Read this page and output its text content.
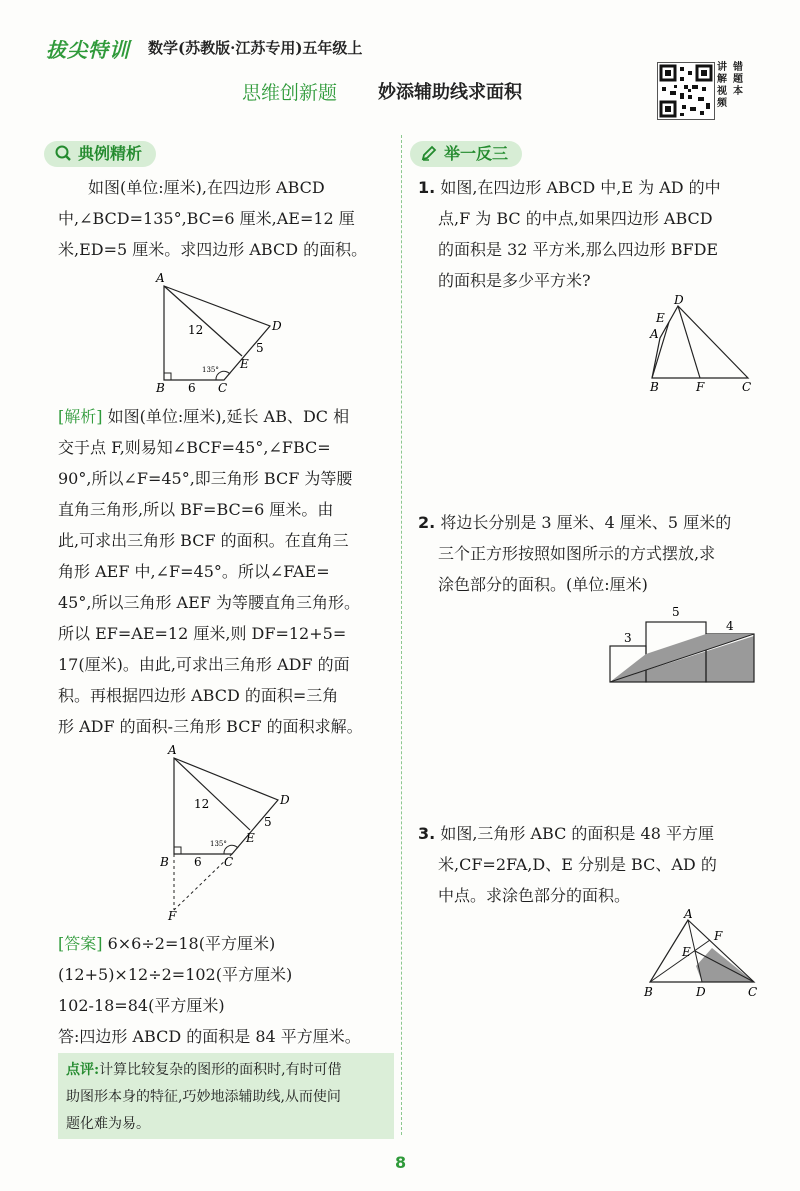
拔尖特训 数学(苏教版·江苏专用)五年级上
思维创新题 妙添辅助线求面积
讲解视频
错题本
典例精析
如图(单位:厘米),在四边形 ABCD
中,∠BCD=135°,BC=6 厘米,AE=12 厘
米,ED=5 厘米。求四边形 ABCD 的面积。
A
B	C
D
E
12
5
6
135°
[解析] 如图(单位:厘米),延长 AB、DC 相
交于点 F,则易知∠BCF=45°,∠FBC=
90°,所以∠F=45°,即三角形 BCF 为等腰
直角三角形,所以 BF=BC=6 厘米。由
此,可求出三角形 BCF 的面积。在直角三
角形 AEF 中,∠F=45°。所以∠FAE=
45°,所以三角形 AEF 为等腰直角三角形。
所以 EF=AE=12 厘米,则 DF=12+5=
17(厘米)。由此,可求出三角形 ADF 的面
积。再根据四边形 ABCD 的面积=三角
形 ADF 的面积-三角形 BCF 的面积求解。
A
B	C
D
E
F
12
5
6
135°
[答案] 6×6÷2=18(平方厘米)
(12+5)×12÷2=102(平方厘米)
102-18=84(平方厘米)
答:四边形 ABCD 的面积是 84 平方厘米。
点评:计算比较复杂的图形的面积时,有时可借
助图形本身的特征,巧妙地添辅助线,从而使问
题化难为易。
举一反三
1. 如图,在四边形 ABCD 中,E 为 AD 的中
点,F 为 BC 的中点,如果四边形 ABCD
的面积是 32 平方米,那么四边形 BFDE
的面积是多少平方米?
A
B	C
D
E
F
2. 将边长分别是 3 厘米、4 厘米、5 厘米的
三个正方形按照如图所示的方式摆放,求
涂色部分的面积。(单位:厘米)
3
5
4
3. 如图,三角形 ABC 的面积是 48 平方厘
米,CF=2FA,D、E 分别是 BC、AD 的
中点。求涂色部分的面积。
A
B	C
D
E
F
8
